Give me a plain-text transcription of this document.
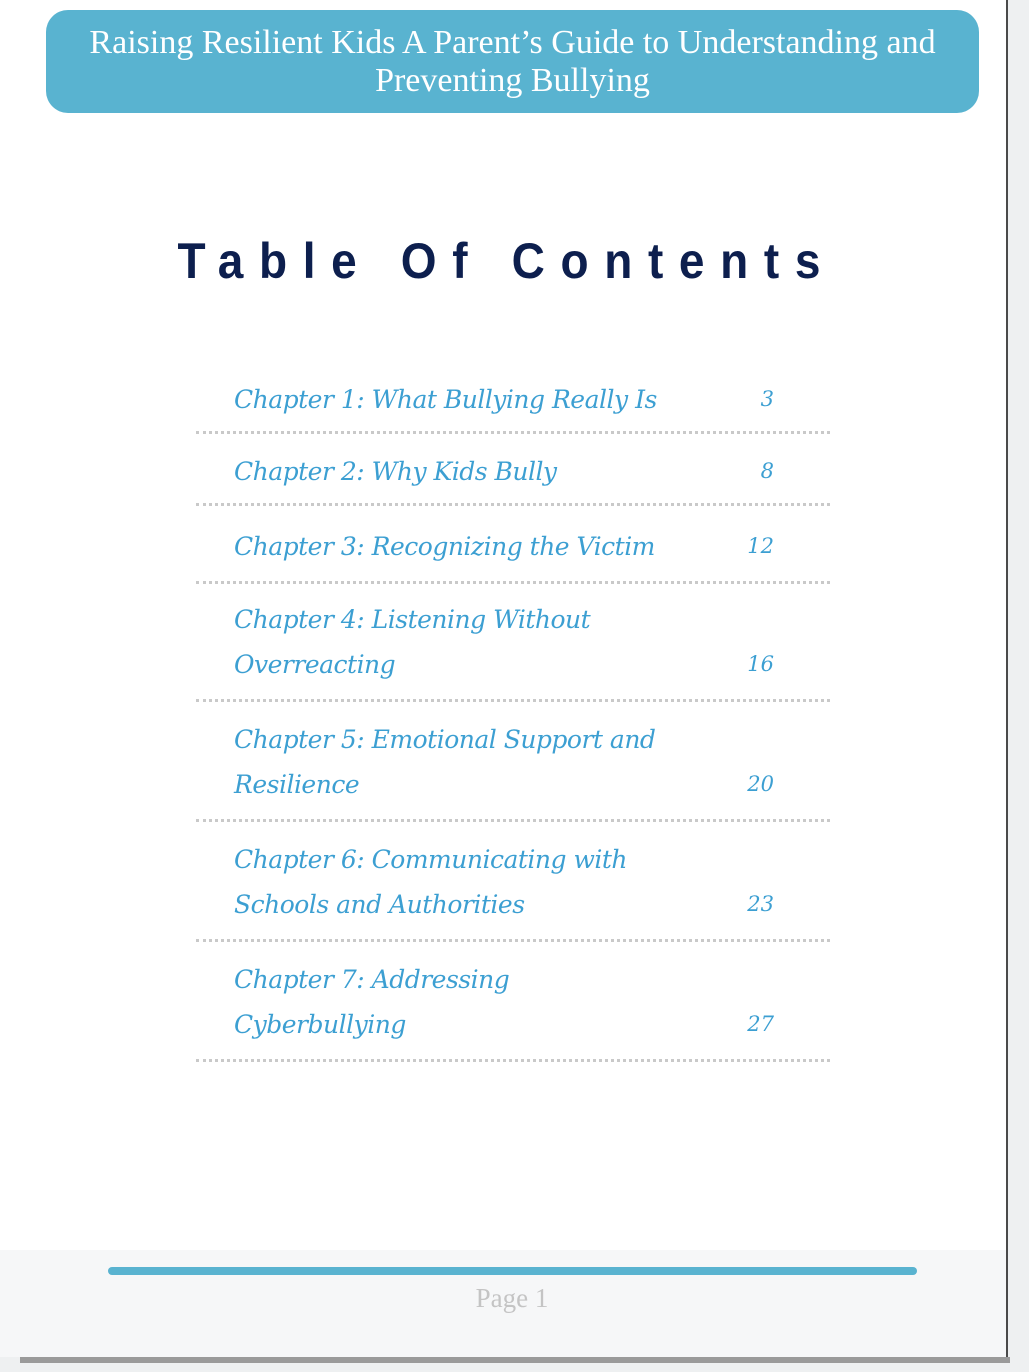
Raising Resilient Kids A Parent’s Guide to Understanding and Preventing Bullying
Table Of Contents
Chapter 1: What Bullying Really Is	3
Chapter 2: Why Kids Bully	8
Chapter 3: Recognizing the Victim	12
Chapter 4: Listening Without Overreacting	16
Chapter 5: Emotional Support and Resilience	20
Chapter 6: Communicating with Schools and Authorities	23
Chapter 7: Addressing Cyberbullying	27
Page 1
